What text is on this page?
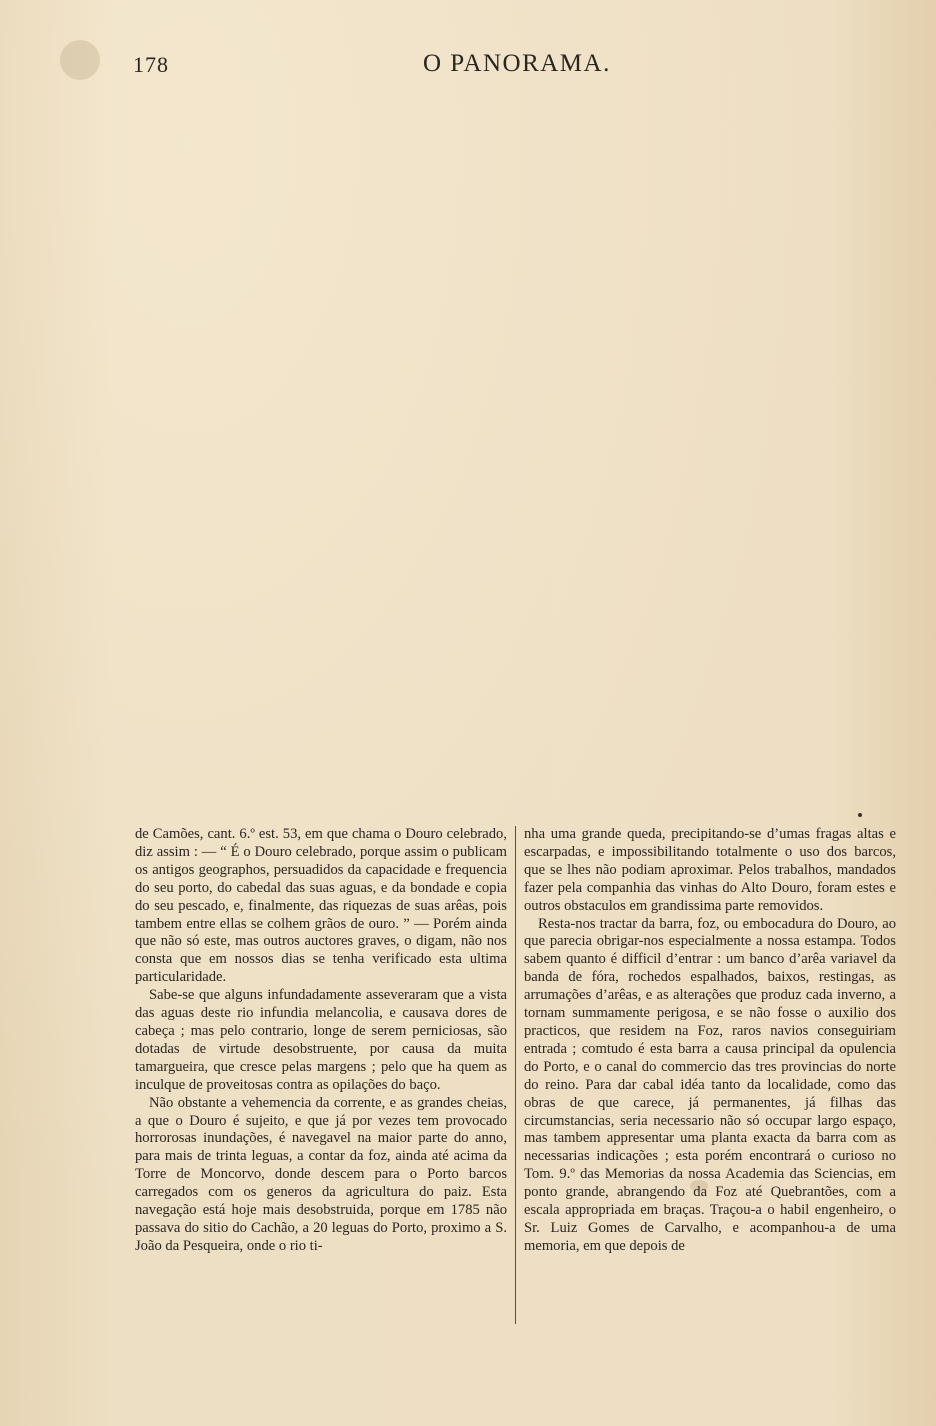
178	O PANORAMA.

de Camões, cant. 6.º est. 53, em que chama o Douro celebrado, diz assim : — “ É o Douro celebrado, porque assim o publicam os antigos geographos, persuadidos da capacidade e frequencia do seu porto, do cabedal das suas aguas, e da bondade e copia do seu pescado, e, finalmente, das riquezas de suas arêas, pois tambem entre ellas se colhem grãos de ouro. ” — Porém ainda que não só este, mas outros auctores graves, o digam, não nos consta que em nossos dias se tenha verificado esta ultima particularidade.

Sabe-se que alguns infundadamente asseveraram que a vista das aguas deste rio infundia melancolia, e causava dores de cabeça ; mas pelo contrario, longe de serem perniciosas, são dotadas de virtude desobstruente, por causa da muita tamargueira, que cresce pelas margens ; pelo que ha quem as inculque de proveitosas contra as opilações do baço.

Não obstante a vehemencia da corrente, e as grandes cheias, a que o Douro é sujeito, e que já por vezes tem provocado horrorosas inundações, é navegavel na maior parte do anno, para mais de trinta leguas, a contar da foz, ainda até acima da Torre de Moncorvo, donde descem para o Porto barcos carregados com os generos da agricultura do paiz. Esta navegação está hoje mais desobstruida, porque em 1785 não passava do sitio do Cachão, a 20 leguas do Porto, proximo a S. João da Pesqueira, onde o rio ti-

nha uma grande queda, precipitando-se d’umas fragas altas e escarpadas, e impossibilitando totalmente o uso dos barcos, que se lhes não podiam aproximar. Pelos trabalhos, mandados fazer pela companhia das vinhas do Alto Douro, foram estes e outros obstaculos em grandissima parte removidos.

Resta-nos tractar da barra, foz, ou embocadura do Douro, ao que parecia obrigar-nos especialmente a nossa estampa. Todos sabem quanto é difficil d’entrar : um banco d’arêa variavel da banda de fóra, rochedos espalhados, baixos, restingas, as arrumações d’arêas, e as alterações que produz cada inverno, a tornam summamente perigosa, e se não fosse o auxilio dos practicos, que residem na Foz, raros navios conseguiriam entrada ; comtudo é esta barra a causa principal da opulencia do Porto, e o canal do commercio das tres provincias do norte do reino. Para dar cabal idéa tanto da localidade, como das obras de que carece, já permanentes, já filhas das circumstancias, seria necessario não só occupar largo espaço, mas tambem appresentar uma planta exacta da barra com as necessarias indicações ; esta porém encontrará o curioso no Tom. 9.º das Memorias da nossa Academia das Sciencias, em ponto grande, abrangendo da Foz até Quebrantões, com a escala appropriada em braças. Traçou-a o habil engenheiro, o Sr. Luiz Gomes de Carvalho, e acompanhou-a de uma memoria, em que depois de
